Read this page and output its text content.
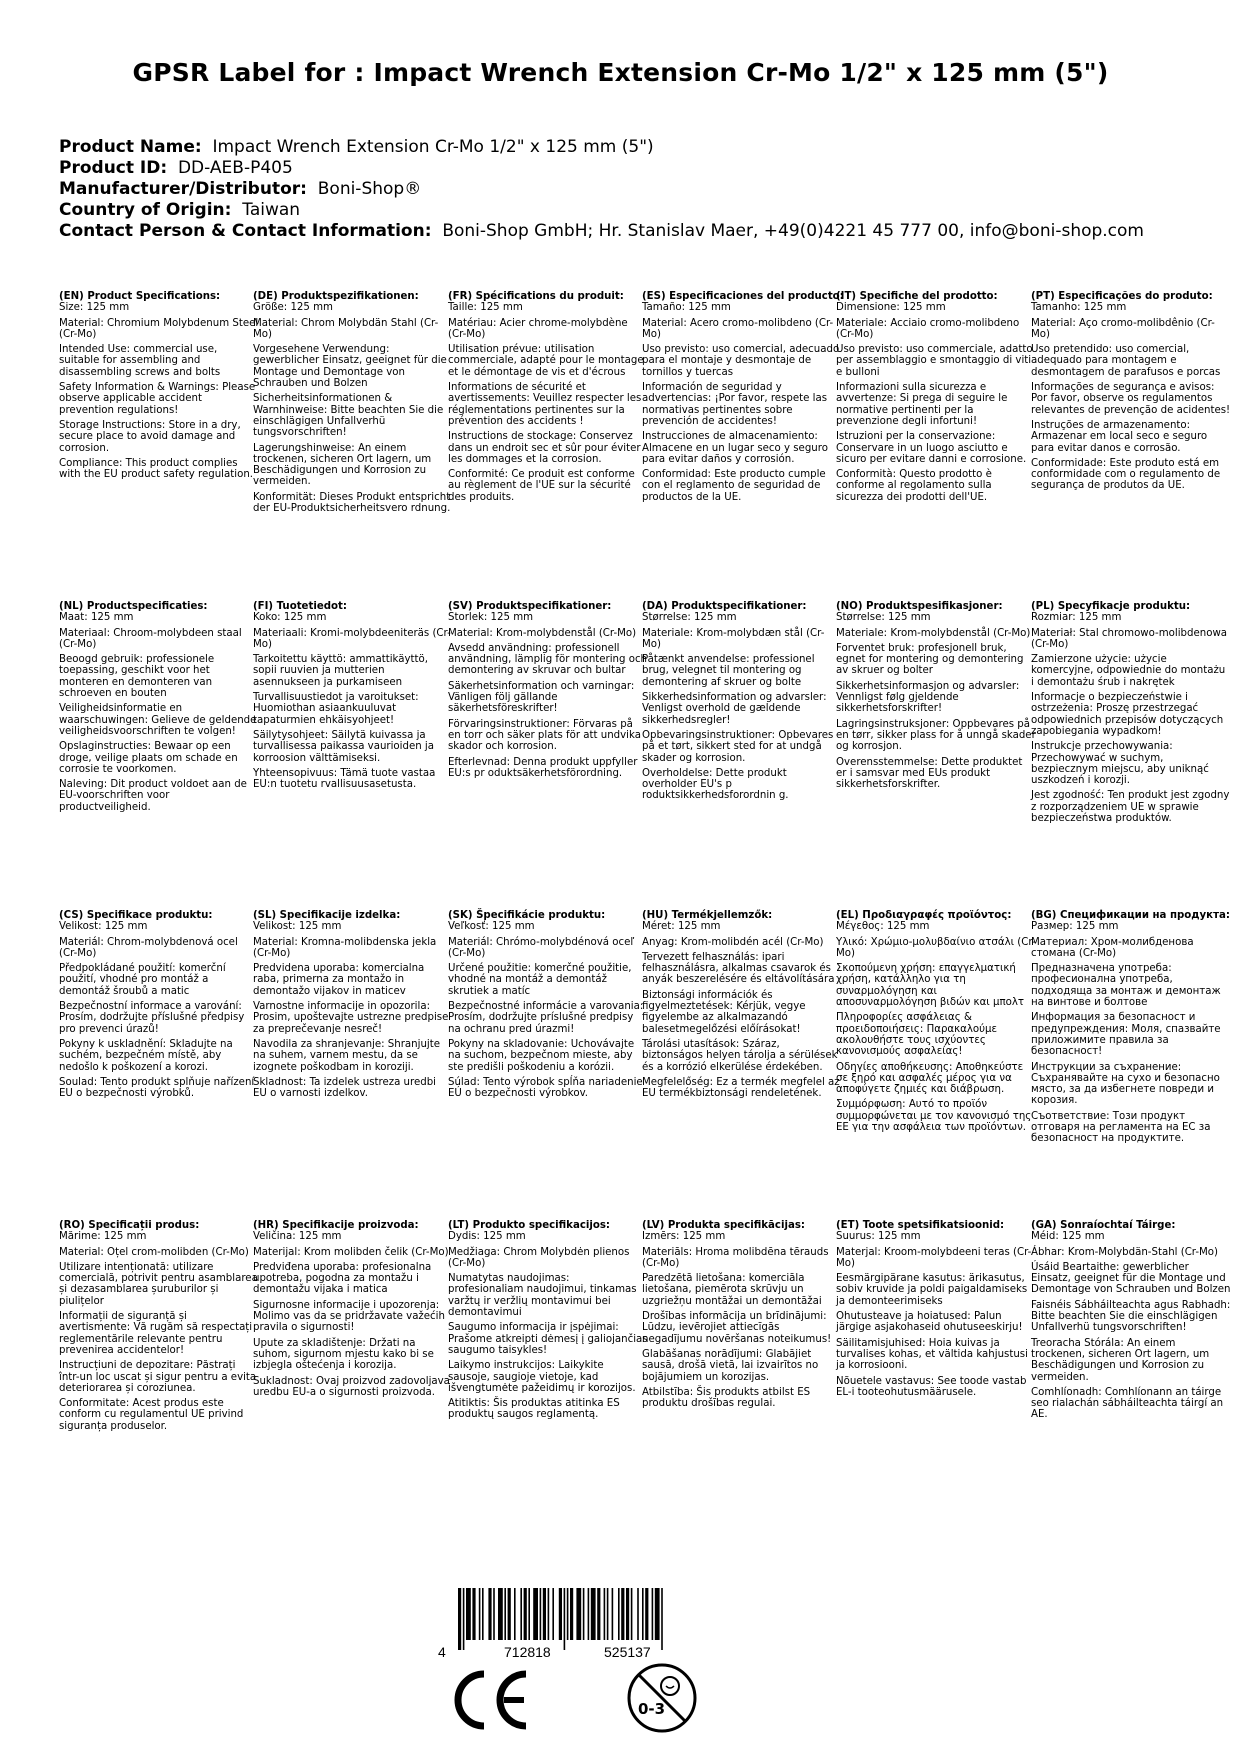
GPSR Label for : Impact Wrench Extension Cr-Mo 1/2" x 125 mm (5")
Product Name: Impact Wrench Extension Cr-Mo 1/2" x 125 mm (5")
Product ID: DD-AEB-P405
Manufacturer/Distributor: Boni-Shop®
Country of Origin: Taiwan
Contact Person & Contact Information: Boni-Shop GmbH; Hr. Stanislav Maer, +49(0)4221 45 777 00, info@boni-shop.com
(EN) Product Specifications:

Size: 125 mm

Material: Chromium Molybdenum Steel (Cr-Mo)

Intended Use: commercial use, suitable for assembling and disassembling screws and bolts

Safety Information & Warnings: Please observe applicable accident prevention regulations!

Storage Instructions: Store in a dry, secure place to avoid damage and corrosion.

Compliance: This product complies with the EU product safety regulation.

(DE) Produktspezifikationen:

Größe: 125 mm

Material: Chrom Molybdän Stahl (Cr-Mo)

Vorgesehene Verwendung: gewerblicher Einsatz, geeignet für die Montage und Demontage von Schrauben und Bolzen

Sicherheitsinformationen & Warnhinweise: Bitte beachten Sie die einschlägigen Unfallverhü tungsvorschriften!

Lagerungshinweise: An einem trockenen, sicheren Ort lagern, um Beschädigungen und Korrosion zu vermeiden.

Konformität: Dieses Produkt entspricht der EU-Produktsicherheitsvero rdnung.

(FR) Spécifications du produit:

Taille: 125 mm

Matériau: Acier chrome-molybdène (Cr-Mo)

Utilisation prévue: utilisation commerciale, adapté pour le montage et le démontage de vis et d'écrous

Informations de sécurité et avertissements: Veuillez respecter les réglementations pertinentes sur la prévention des accidents !

Instructions de stockage: Conservez dans un endroit sec et sûr pour éviter les dommages et la corrosion.

Conformité: Ce produit est conforme au règlement de l'UE sur la sécurité des produits.

(ES) Especificaciones del producto:

Tamaño: 125 mm

Material: Acero cromo-molibdeno (Cr-Mo)

Uso previsto: uso comercial, adecuado para el montaje y desmontaje de tornillos y tuercas

Información de seguridad y advertencias: ¡Por favor, respete las normativas pertinentes sobre prevención de accidentes!

Instrucciones de almacenamiento: Almacene en un lugar seco y seguro para evitar daños y corrosión.

Conformidad: Este producto cumple con el reglamento de seguridad de productos de la UE.

(IT) Specifiche del prodotto:

Dimensione: 125 mm

Materiale: Acciaio cromo-molibdeno (Cr-Mo)

Uso previsto: uso commerciale, adatto per assemblaggio e smontaggio di viti e bulloni

Informazioni sulla sicurezza e avvertenze: Si prega di seguire le normative pertinenti per la prevenzione degli infortuni!

Istruzioni per la conservazione: Conservare in un luogo asciutto e sicuro per evitare danni e corrosione.

Conformità: Questo prodotto è conforme al regolamento sulla sicurezza dei prodotti dell'UE.

(PT) Especificações do produto:

Tamanho: 125 mm

Material: Aço cromo-molibdênio (Cr-Mo)

Uso pretendido: uso comercial, adequado para montagem e desmontagem de parafusos e porcas

Informações de segurança e avisos: Por favor, observe os regulamentos relevantes de prevenção de acidentes!

Instruções de armazenamento: Armazenar em local seco e seguro para evitar danos e corrosão.

Conformidade: Este produto está em conformidade com o regulamento de segurança de produtos da UE.

(NL) Productspecificaties:

Maat: 125 mm

Materiaal: Chroom-molybdeen staal (Cr-Mo)

Beoogd gebruik: professionele toepassing, geschikt voor het monteren en demonteren van schroeven en bouten

Veiligheidsinformatie en waarschuwingen: Gelieve de geldende veiligheidsvoorschriften te volgen!

Opslaginstructies: Bewaar op een droge, veilige plaats om schade en corrosie te voorkomen.

Naleving: Dit product voldoet aan de EU-voorschriften voor productveiligheid.

(FI) Tuotetiedot:

Koko: 125 mm

Materiaali: Kromi-molybdeeniteräs (Cr-Mo)

Tarkoitettu käyttö: ammattikäyttö, sopii ruuvien ja mutterien asennukseen ja purkamiseen

Turvallisuustiedot ja varoitukset: Huomiothan asiaankuuluvat tapaturmien ehkäisyohjeet!

Säilytysohjeet: Säilytä kuivassa ja turvallisessa paikassa vaurioiden ja korroosion välttämiseksi.

Yhteensopivuus: Tämä tuote vastaa EU:n tuotetu rvallisuusasetusta.

(SV) Produktspecifikationer:

Storlek: 125 mm

Material: Krom-molybdenstål (Cr-Mo)

Avsedd användning: professionell användning, lämplig för montering och demontering av skruvar och bultar

Säkerhetsinformation och varningar: Vänligen följ gällande säkerhetsföreskrifter!

Förvaringsinstruktioner: Förvaras på en torr och säker plats för att undvika skador och korrosion.

Efterlevnad: Denna produkt uppfyller EU:s pr oduktsäkerhetsförordning.

(DA) Produktspecifikationer:

Størrelse: 125 mm

Materiale: Krom-molybdæn stål (Cr-Mo)

Påtænkt anvendelse: professionel brug, velegnet til montering og demontering af skruer og bolte

Sikkerhedsinformation og advarsler: Venligst overhold de gældende sikkerhedsregler!

Opbevaringsinstruktioner: Opbevares på et tørt, sikkert sted for at undgå skader og korrosion.

Overholdelse: Dette produkt overholder EU's p roduktsikkerhedsforordnin g.

(NO) Produktspesifikasjoner:

Størrelse: 125 mm

Materiale: Krom-molybdenstål (Cr-Mo)

Forventet bruk: profesjonell bruk, egnet for montering og demontering av skruer og bolter

Sikkerhetsinformasjon og advarsler: Vennligst følg gjeldende sikkerhetsforskrifter!

Lagringsinstruksjoner: Oppbevares på en tørr, sikker plass for å unngå skader og korrosjon.

Overensstemmelse: Dette produktet er i samsvar med EUs produkt sikkerhetsforskrifter.

(PL) Specyfikacje produktu:

Rozmiar: 125 mm

Materiał: Stal chromowo-molibdenowa (Cr-Mo)

Zamierzone użycie: użycie komercyjne, odpowiednie do montażu i demontażu śrub i nakrętek

Informacje o bezpieczeństwie i ostrzeżenia: Proszę przestrzegać odpowiednich przepisów dotyczących zapobiegania wypadkom!

Instrukcje przechowywania: Przechowywać w suchym, bezpiecznym miejscu, aby uniknąć uszkodzeń i korozji.

Jest zgodność: Ten produkt jest zgodny z rozporządzeniem UE w sprawie bezpieczeństwa produktów.

(CS) Specifikace produktu:

Velikost: 125 mm

Materiál: Chrom-molybdenová ocel (Cr-Mo)

Předpokládané použití: komerční použití, vhodné pro montáž a demontáž šroubů a matic

Bezpečnostní informace a varování: Prosím, dodržujte příslušné předpisy pro prevenci úrazů!

Pokyny k uskladnění: Skladujte na suchém, bezpečném místě, aby nedošlo k poškození a korozi.

Soulad: Tento produkt splňuje nařízení EU o bezpečnosti výrobků.

(SL) Specifikacije izdelka:

Velikost: 125 mm

Material: Kromna-molibdenska jekla (Cr-Mo)

Predvidena uporaba: komercialna raba, primerna za montažo in demontažo vijakov in maticev

Varnostne informacije in opozorila: Prosim, upoštevajte ustrezne predpise za preprečevanje nesreč!

Navodila za shranjevanje: Shranjujte na suhem, varnem mestu, da se izognete poškodbam in koroziji.

Skladnost: Ta izdelek ustreza uredbi EU o varnosti izdelkov.

(SK) Špecifikácie produktu:

Veľkosť: 125 mm

Materiál: Chrómo-molybdénová oceľ (Cr-Mo)

Určené použitie: komerčné použitie, vhodné na montáž a demontáž skrutiek a matíc

Bezpečnostné informácie a varovania: Prosím, dodržujte príslušné predpisy na ochranu pred úrazmi!

Pokyny na skladovanie: Uchovávajte na suchom, bezpečnom mieste, aby ste predišli poškodeniu a korózii.

Súlad: Tento výrobok spĺňa nariadenie EÚ o bezpečnosti výrobkov.

(HU) Termékjellemzők:

Méret: 125 mm

Anyag: Krom-molibdén acél (Cr-Mo)

Tervezett felhasználás: ipari felhasználásra, alkalmas csavarok és anyák beszerelésére és eltávolítására

Biztonsági információk és figyelmeztetések: Kérjük, vegye figyelembe az alkalmazandó balesetmegelőzési előírásokat!

Tárolási utasítások: Száraz, biztonságos helyen tárolja a sérülések és a korrózió elkerülése érdekében.

Megfelelőség: Ez a termék megfelel az EU termékbiztonsági rendeletének.

(EL) Προδιαγραφές προϊόντος:

Μέγεθος: 125 mm

Υλικό: Χρώμιο-μολυβδαίνιο ατσάλι (Cr-Mo)

Σκοπούμενη χρήση: επαγγελματική χρήση, κατάλληλο για τη συναρμολόγηση και αποσυναρμολόγηση βιδών και μπολτ

Πληροφορίες ασφάλειας & προειδοποιήσεις: Παρακαλούμε ακολουθήστε τους ισχύοντες κανονισμούς ασφαλείας!

Οδηγίες αποθήκευσης: Αποθηκεύστε σε ξηρό και ασφαλές μέρος για να αποφύγετε ζημιές και διάβρωση.

Συμμόρφωση: Αυτό το προϊόν συμμορφώνεται με τον κανονισμό της ΕΕ για την ασφάλεια των προϊόντων.

(BG) Спецификации на продукта:

Размер: 125 mm

Материал: Хром-молибденова стомана (Cr-Mo)

Предназначена употреба: професионална употреба, подходяща за монтаж и демонтаж на винтове и болтове

Информация за безопасност и предупреждения: Моля, спазвайте приложимите правила за безопасност!

Инструкции за съхранение: Съхранявайте на сухо и безопасно място, за да избегнете повреди и корозия.

Съответствие: Този продукт отговаря на регламента на ЕС за безопасност на продуктите.

(RO) Specificații produs:

Mărime: 125 mm

Material: Oțel crom-molibden (Cr-Mo)

Utilizare intenționată: utilizare comercială, potrivit pentru asamblarea și dezasamblarea șuruburilor și piulițelor

Informații de siguranță și avertismente: Vă rugăm să respectați reglementările relevante pentru prevenirea accidentelor!

Instrucțiuni de depozitare: Păstrați într-un loc uscat și sigur pentru a evita deteriorarea și coroziunea.

Conformitate: Acest produs este conform cu regulamentul UE privind siguranța produselor.

(HR) Specifikacije proizvoda:

Veličina: 125 mm

Materijal: Krom molibden čelik (Cr-Mo)

Predviđena uporaba: profesionalna upotreba, pogodna za montažu i demontažu vijaka i matica

Sigurnosne informacije i upozorenja: Molimo vas da se pridržavate važećih pravila o sigurnosti!

Upute za skladištenje: Držati na suhom, sigurnom mjestu kako bi se izbjegla oštećenja i korozija.

Sukladnost: Ovaj proizvod zadovoljava uredbu EU-a o sigurnosti proizvoda.

(LT) Produkto specifikacijos:

Dydis: 125 mm

Medžiaga: Chrom Molybdėn plienos (Cr-Mo)

Numatytas naudojimas: profesionaliam naudojimui, tinkamas varžtų ir veržlių montavimui bei demontavimui

Saugumo informacija ir įspėjimai: Prašome atkreipti dėmesį į galiojančias saugumo taisykles!

Laikymo instrukcijos: Laikykite sausoje, saugioje vietoje, kad išvengtumėte pažeidimų ir korozijos.

Atitiktis: Šis produktas atitinka ES produktų saugos reglamentą.

(LV) Produkta specifikācijas:

Izmērs: 125 mm

Materiāls: Hroma molibdēna tērauds (Cr-Mo)

Paredzētā lietošana: komerciāla lietošana, piemērota skrūvju un uzgriežņu montāžai un demontāžai

Drošības informācija un brīdinājumi: Lūdzu, ievērojiet attiecīgās negadījumu novēršanas noteikumus!

Glabāšanas norādījumi: Glabājiet sausā, drošā vietā, lai izvairītos no bojājumiem un korozijas.

Atbilstība: Šis produkts atbilst ES produktu drošības regulai.

(ET) Toote spetsifikatsioonid:

Suurus: 125 mm

Materjal: Kroom-molybdeeni teras (Cr-Mo)

Eesmärgipärane kasutus: ärikasutus, sobiv kruvide ja poldi paigaldamiseks ja demonteerimiseks

Ohutusteave ja hoiatused: Palun järgige asjakohaseid ohutuseeskirju!

Säilitamisjuhised: Hoia kuivas ja turvalises kohas, et vältida kahjustusi ja korrosiooni.

Nõuetele vastavus: See toode vastab EL-i tooteohutusmäärusele.

(GA) Sonraíochtaí Táirge:

Méid: 125 mm

Ábhar: Krom-Molybdän-Stahl (Cr-Mo)

Úsáid Beartaithe: gewerblicher Einsatz, geeignet für die Montage und Demontage von Schrauben und Bolzen

Faisnéis Sábháilteachta agus Rabhadh: Bitte beachten Sie die einschlägigen Unfallverhü tungsvorschriften!

Treoracha Stórála: An einem trockenen, sicheren Ort lagern, um Beschädigungen und Korrosion zu vermeiden.

Comhlíonadh: Comhlíonann an táirge seo rialachán sábháilteachta táirgí an AE.

4	712818	525137
0-3
